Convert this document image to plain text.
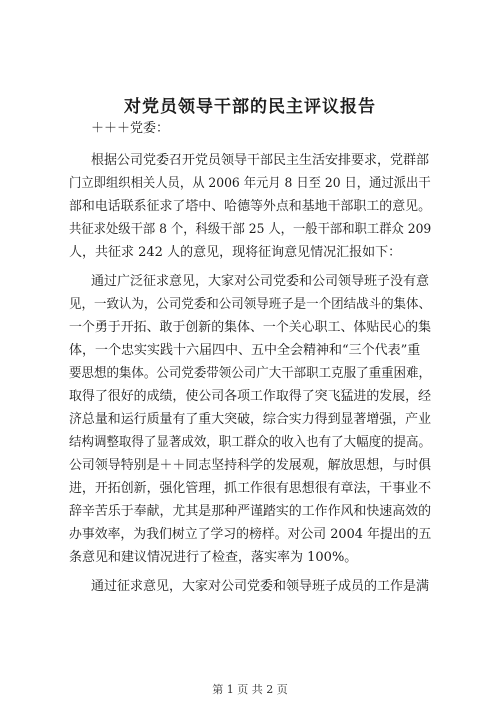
对党员领导干部的民主评议报告
＋＋＋党委：
根据公司党委召开党员领导干部民主生活安排要求，党群部
门立即组织相关人员，从 2006 年元月 8 日至 20 日，通过派出干
部和电话联系征求了塔中、哈德等外点和基地干部职工的意见。
共征求处级干部 8 个，科级干部 25 人，一般干部和职工群众 209
人，共征求 242 人的意见，现将征询意见情况汇报如下：
通过广泛征求意见，大家对公司党委和公司领导班子没有意
见，一致认为，公司党委和公司领导班子是一个团结战斗的集体、
一个勇于开拓、敢于创新的集体、一个关心职工、体贴民心的集
体，一个忠实实践十六届四中、五中全会精神和“三个代表”重
要思想的集体。公司党委带领公司广大干部职工克服了重重困难，
取得了很好的成绩，使公司各项工作取得了突飞猛进的发展，经
济总量和运行质量有了重大突破，综合实力得到显著增强，产业
结构调整取得了显著成效，职工群众的收入也有了大幅度的提高。
公司领导特别是＋＋同志坚持科学的发展观，解放思想，与时俱
进，开拓创新，强化管理，抓工作很有思想很有章法，干事业不
辞辛苦乐于奉献，尤其是那种严谨踏实的工作作风和快速高效的
办事效率，为我们树立了学习的榜样。对公司 2004 年提出的五
条意见和建议情况进行了检查，落实率为 100%。
通过征求意见，大家对公司党委和领导班子成员的工作是满
第 1 页 共 2 页
